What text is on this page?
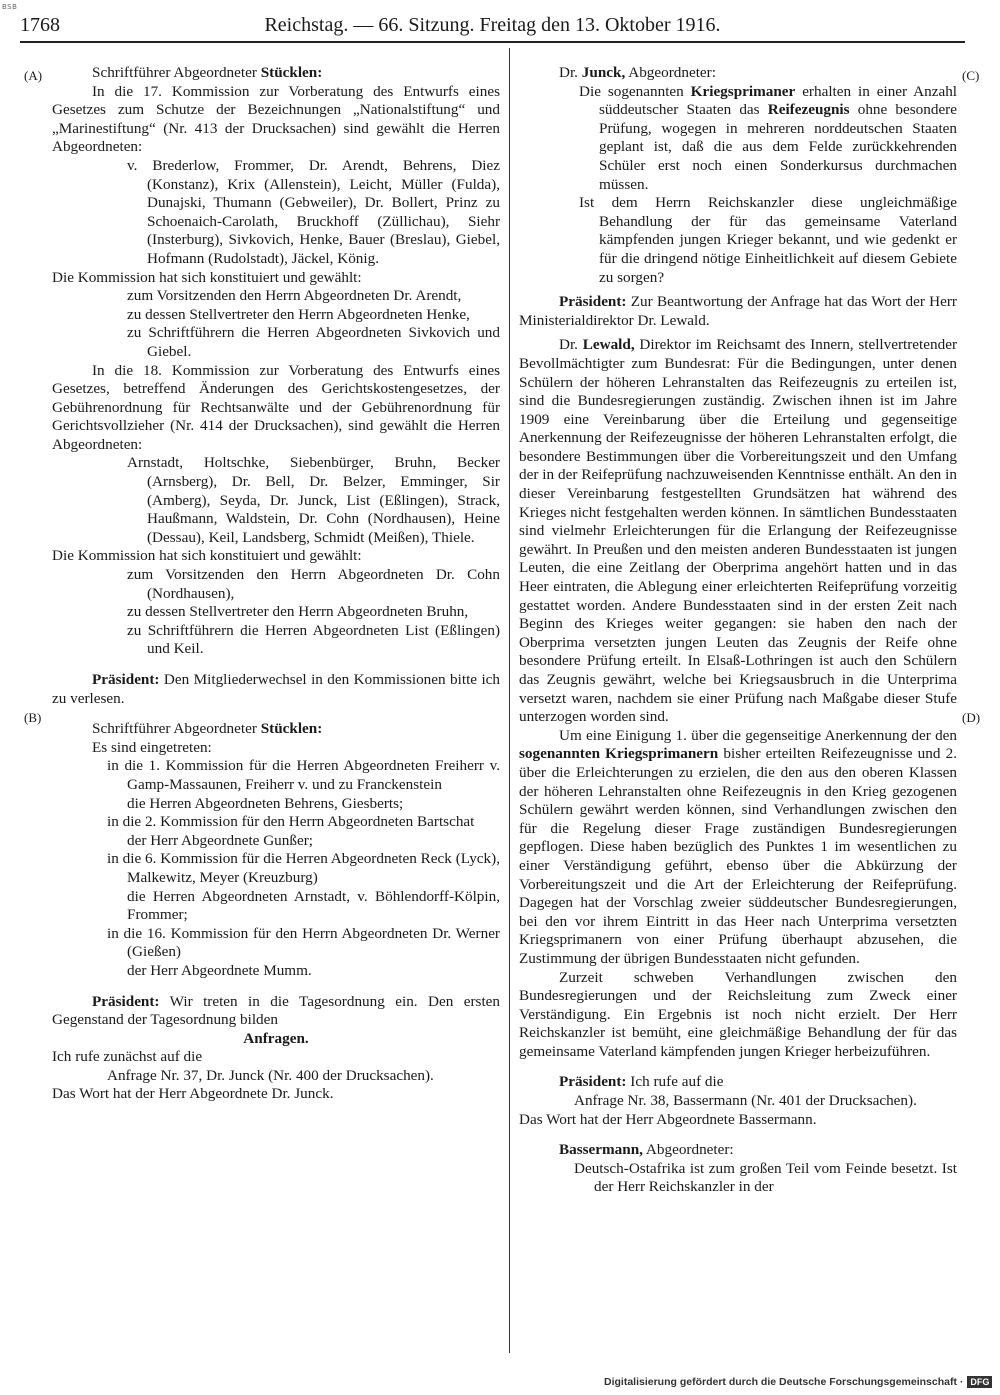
BSB
1768	Reichstag. — 66. Sitzung. Freitag den 13. Oktober 1916.
(A)
(B)
(C)
(D)

Schriftführer Abgeordneter Stücklen:

In die 17. Kommission zur Vorberatung des Entwurfs eines Gesetzes zum Schutze der Bezeichnungen „Nationalstiftung“ und „Marinestiftung“ (Nr. 413 der Drucksachen) sind gewählt die Herren Abgeordneten:

v. Brederlow, Frommer, Dr. Arendt, Behrens, Diez (Konstanz), Krix (Allenstein), Leicht, Müller (Fulda), Dunajski, Thumann (Gebweiler), Dr. Bollert, Prinz zu Schoenaich-Carolath, Bruckhoff (Züllichau), Siehr (Insterburg), Sivkovich, Henke, Bauer (Breslau), Giebel, Hofmann (Rudolstadt), Jäckel, König.

Die Kommission hat sich konstituiert und gewählt:

zum Vorsitzenden den Herrn Abgeordneten Dr. Arendt,

zu dessen Stellvertreter den Herrn Abgeordneten Henke,

zu Schriftführern die Herren Abgeordneten Sivkovich und Giebel.

In die 18. Kommission zur Vorberatung des Entwurfs eines Gesetzes, betreffend Änderungen des Gerichtskostengesetzes, der Gebührenordnung für Rechtsanwälte und der Gebührenordnung für Gerichtsvollzieher (Nr. 414 der Drucksachen), sind gewählt die Herren Abgeordneten:

Arnstadt, Holtschke, Siebenbürger, Bruhn, Becker (Arnsberg), Dr. Bell, Dr. Belzer, Emminger, Sir (Amberg), Seyda, Dr. Junck, List (Eßlingen), Strack, Haußmann, Waldstein, Dr. Cohn (Nordhausen), Heine (Dessau), Keil, Landsberg, Schmidt (Meißen), Thiele.

Die Kommission hat sich konstituiert und gewählt:

zum Vorsitzenden den Herrn Abgeordneten Dr. Cohn (Nordhausen),

zu dessen Stellvertreter den Herrn Abgeordneten Bruhn,

zu Schriftführern die Herren Abgeordneten List (Eßlingen) und Keil.

Präsident: Den Mitgliederwechsel in den Kommissionen bitte ich zu verlesen.

Schriftführer Abgeordneter Stücklen:

Es sind eingetreten:

in die 1. Kommission für die Herren Abgeordneten Freiherr v. Gamp-Massaunen, Freiherr v. und zu Franckenstein

die Herren Abgeordneten Behrens, Giesberts;

in die 2. Kommission für den Herrn Abgeordneten Bartschat

der Herr Abgeordnete Gunßer;

in die 6. Kommission für die Herren Abgeordneten Reck (Lyck), Malkewitz, Meyer (Kreuzburg)

die Herren Abgeordneten Arnstadt, v. Böhlendorff-Kölpin, Frommer;

in die 16. Kommission für den Herrn Abgeordneten Dr. Werner (Gießen)

der Herr Abgeordnete Mumm.

Präsident: Wir treten in die Tagesordnung ein. Den ersten Gegenstand der Tagesordnung bilden

Anfragen.

Ich rufe zunächst auf die

Anfrage Nr. 37, Dr. Junck (Nr. 400 der Drucksachen).

Das Wort hat der Herr Abgeordnete Dr. Junck.

Dr. Junck, Abgeordneter:

Die sogenannten Kriegsprimaner erhalten in einer Anzahl süddeutscher Staaten das Reifezeugnis ohne besondere Prüfung, wogegen in mehreren norddeutschen Staaten geplant ist, daß die aus dem Felde zurückkehrenden Schüler erst noch einen Sonderkursus durchmachen müssen.

Ist dem Herrn Reichskanzler diese ungleichmäßige Behandlung der für das gemeinsame Vaterland kämpfenden jungen Krieger bekannt, und wie gedenkt er für die dringend nötige Einheitlichkeit auf diesem Gebiete zu sorgen?

Präsident: Zur Beantwortung der Anfrage hat das Wort der Herr Ministerialdirektor Dr. Lewald.

Dr. Lewald, Direktor im Reichsamt des Innern, stellvertretender Bevollmächtigter zum Bundesrat: Für die Bedingungen, unter denen Schülern der höheren Lehranstalten das Reifezeugnis zu erteilen ist, sind die Bundesregierungen zuständig. Zwischen ihnen ist im Jahre 1909 eine Vereinbarung über die Erteilung und gegenseitige Anerkennung der Reifezeugnisse der höheren Lehranstalten erfolgt, die besondere Bestimmungen über die Vorbereitungszeit und den Umfang der in der Reifeprüfung nachzuweisenden Kenntnisse enthält. An den in dieser Vereinbarung festgestellten Grundsätzen hat während des Krieges nicht festgehalten werden können. In sämtlichen Bundesstaaten sind vielmehr Erleichterungen für die Erlangung der Reifezeugnisse gewährt. In Preußen und den meisten anderen Bundesstaaten ist jungen Leuten, die eine Zeitlang der Oberprima angehört hatten und in das Heer eintraten, die Ablegung einer erleichterten Reifeprüfung vorzeitig gestattet worden. Andere Bundesstaaten sind in der ersten Zeit nach Beginn des Krieges weiter gegangen: sie haben den nach der Oberprima versetzten jungen Leuten das Zeugnis der Reife ohne besondere Prüfung erteilt. In Elsaß-Lothringen ist auch den Schülern das Zeugnis gewährt, welche bei Kriegsausbruch in die Unterprima versetzt waren, nachdem sie einer Prüfung nach Maßgabe dieser Stufe unterzogen worden sind.

Um eine Einigung 1. über die gegenseitige Anerkennung der den sogenannten Kriegsprimanern bisher erteilten Reifezeugnisse und 2. über die Erleichterungen zu erzielen, die den aus den oberen Klassen der höheren Lehranstalten ohne Reifezeugnis in den Krieg gezogenen Schülern gewährt werden können, sind Verhandlungen zwischen den für die Regelung dieser Frage zuständigen Bundesregierungen gepflogen. Diese haben bezüglich des Punktes 1 im wesentlichen zu einer Verständigung geführt, ebenso über die Abkürzung der Vorbereitungszeit und die Art der Erleichterung der Reifeprüfung. Dagegen hat der Vorschlag zweier süddeutscher Bundesregierungen, bei den vor ihrem Eintritt in das Heer nach Unterprima versetzten Kriegsprimanern von einer Prüfung überhaupt abzusehen, die Zustimmung der übrigen Bundesstaaten nicht gefunden.

Zurzeit schweben Verhandlungen zwischen den Bundesregierungen und der Reichsleitung zum Zweck einer Verständigung. Ein Ergebnis ist noch nicht erzielt. Der Herr Reichskanzler ist bemüht, eine gleichmäßige Behandlung der für das gemeinsame Vaterland kämpfenden jungen Krieger herbeizuführen.

Präsident: Ich rufe auf die

Anfrage Nr. 38, Bassermann (Nr. 401 der Drucksachen).

Das Wort hat der Herr Abgeordnete Bassermann.

Bassermann, Abgeordneter:

Deutsch-Ostafrika ist zum großen Teil vom Feinde besetzt. Ist der Herr Reichskanzler in der

Digitalisierung gefördert durch die Deutsche Forschungsgemeinschaft · DFG
